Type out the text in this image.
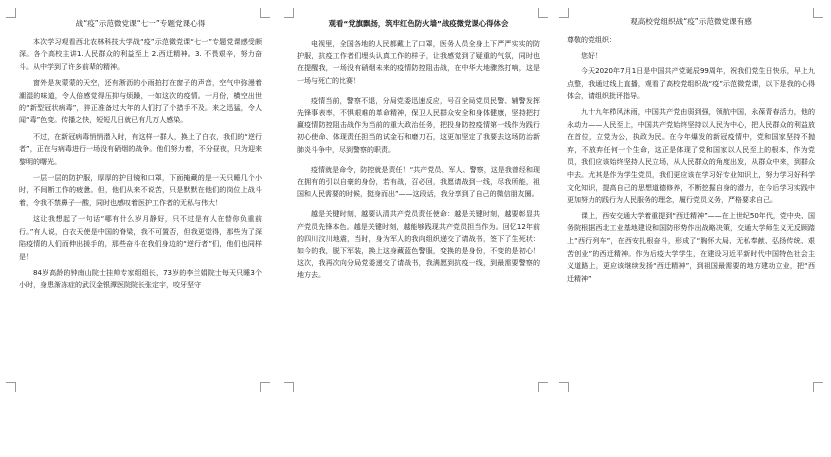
战“疫”示范微党课“七一”专题党课心得

本次学习观看西北农林科技大学战“疫”示范微党课“七一”专题党课感受颇深。各个高校主讲1.人民群众的利益至上 2.西迁精神。3. 不畏艰辛，努力奋斗。从中学到了许多前辈的精神。

窗外是灰蒙蒙的天空，还有淅沥的小雨拍打在窗子的声音，空气中弥漫着潮湿的味道，令人倍感觉得压抑与烦躁，一如这次的疫情。一月份，横空出世的“新型冠状病毒”，猝正准备过大年的人们打了个措手不及。来之迅猛，令人闻“毒”色变。传播之快，短短几日就已有几万人感染。

不过，在新冠病毒悄悄潜入时，有这样一群人，换上了白衣，我们的“逆行者”，正在与病毒进行一场没有硝烟的战争。他们努力着，不分昼夜，只为迎来黎明的曙光。

一层一层的防护服，厚厚的护目镜和口罩，下面掩藏的是一天只睡几个小时，不间断工作的疲惫。但，他们从来不说苦，只是默默在他们的岗位上战斗着，令我不禁鼻子一酸，同时也感叹着医护工作者的无私与伟大！

这让我想起了一句话“哪有什么岁月静好，只不过是有人在替你负重前行。”有人说，白衣天使是中国的脊梁，我不可置否，但我更觉得，那些为了深陷疫情的人们而伸出援手的，那些奋斗在我们身边的“逆行者”们，他们也同样是！

84岁高龄的钟南山院士挂帅专家组组长，73岁的李兰娟院士每天只睡3个小时，身患渐冻症的武汉金银潭医院院长张定宇，咬牙坚守

观看“党旗飘扬，筑牢红色防火墙”战疫微党课心得体会

电视里，全国各地的人民都戴上了口罩，医务人员全身上下严严实实的防护服，抗疫工作者们埋头认真工作的样子，让我感觉到了疑重的气氛，同时也在提醒我，一场没有硝烟未来的疫情防控阻击战，在中华大地骤然打响，这是一场与死亡的比赛！

疫情当前，警察不退，分局党委迅速反应，号召全局党员民警、辅警发挥先锋事表率，不惧艰难的革命精神，保卫人民群众安全和身体健康，坚持把打赢疫情防控阻击战作为当前的重大政治任务，把投身防控疫情第一线作为践行初心使命、体现责任担当的试金石和磨刀石，这更加坚定了我要去这场防治新肺炎斗争中，尽到警察的职责。

疫情就是命令，防控就是责任！“共产党员、军人、警察，这是我曾经和现在拥有的引以自豪的身份，若有战，召必回，我愿请战到一线，尽我所能，祖国和人民需要的时候，挺身而出”——这段话，我分享到了自己的微信朋友圈。

越是关键时刻，越要认清共产党员责任使命：越是关键时刻，越要彰显共产党员先锋本色。越是关键时刻，越能够践现共产党员担当作为。回忆12年前的四川汶川地震，当时，身为军人的我向组织递交了请战书，签下了生死状：如今的我，脱下军装，换上这身藏蓝色警服，变换的是身份，不变的是初心！这次，我再次向分局党委递交了请战书，我满愿到抗疫一线，到最需要警察的地方去。

观高校党组织战“疫”示范微党课有感

尊敬的党组织：

您好！

今天2020年7月1日是中国共产党诞辰99周年，祝我们党生日快乐，早上九点整，我通过线上直播，观看了高校党组织战“疫”示范微党课，以下是我的心得体会，请组织批评指导。

九十九年栉风沐雨，中国共产党由弱到强，领航中国，永葆青春活力，他的永动力——人民至上，中国共产党始终坚持以人民为中心，把人民群众的利益放在首位，立党为公，执政为民。在今年爆发的新冠疫情中，党和国家坚持不抛弃，不放弃任何一个生命，这正是体现了党和国家以人民至上的根本，作为党员，我们应该始终坚持人民立场，从人民群众的角度出发，从群众中来，到群众中去。尤其是作为学生党员，我们更应该在学习好专业知识上，努力学习好科学文化知识，提高自己的思想道德修养，不断挖掘自身的潜力，在今后学习实践中更加努力的践行为人民服务的理念，履行党员义务，严格要求自己。

课上，西安交通大学着重提到“西迁精神”——在上世纪50年代，党中央、国务院根据西北工业基地建设和国防形势作出战略决策，交通大学师生义无反顾踏上“西行列车”，在西安扎根奋斗，形成了“胸怀大局、无私奉献、弘扬传统、艰苦创业”的西迁精神。作为后疫大学学生，在建设习近平新时代中国特色社会主义道路上，更应该继续发扬“西迁精神”，到祖国最需要的地方建功立业，把“西迁精神”
